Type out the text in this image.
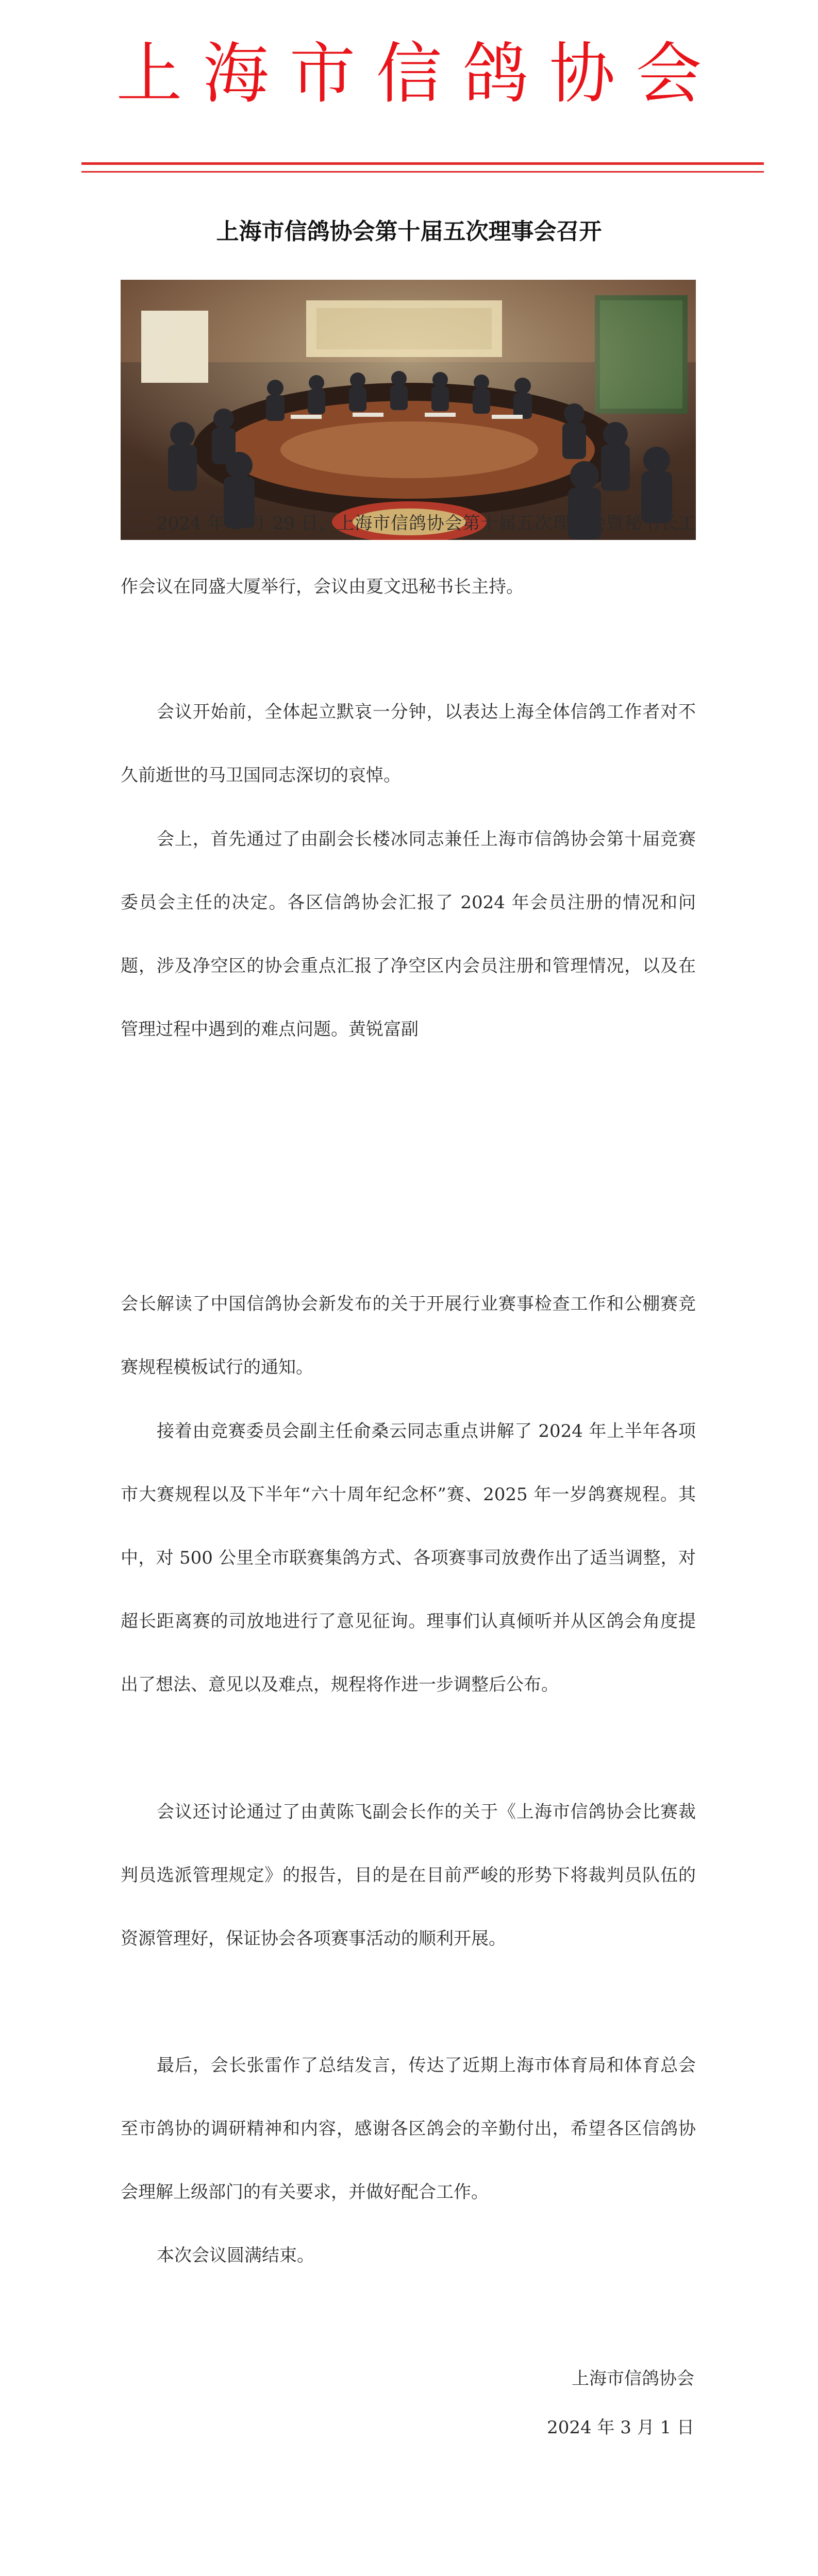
上海市信鸽协会
上海市信鸽协会第十届五次理事会召开

2024 年 2 月 29 日，上海市信鸽协会第十届五次理事会暨秘书长工作会议在同盛大厦举行，会议由夏文迅秘书长主持。

会议开始前，全体起立默哀一分钟，以表达上海全体信鸽工作者对不久前逝世的马卫国同志深切的哀悼。

会上，首先通过了由副会长楼冰同志兼任上海市信鸽协会第十届竞赛委员会主任的决定。各区信鸽协会汇报了 2024 年会员注册的情况和问题，涉及净空区的协会重点汇报了净空区内会员注册和管理情况，以及在管理过程中遇到的难点问题。黄锐富副

会长解读了中国信鸽协会新发布的关于开展行业赛事检查工作和公棚赛竞赛规程模板试行的通知。

接着由竞赛委员会副主任俞桑云同志重点讲解了 2024 年上半年各项市大赛规程以及下半年“六十周年纪念杯”赛、2025 年一岁鸽赛规程。其中，对 500 公里全市联赛集鸽方式、各项赛事司放费作出了适当调整，对超长距离赛的司放地进行了意见征询。理事们认真倾听并从区鸽会角度提出了想法、意见以及难点，规程将作进一步调整后公布。

会议还讨论通过了由黄陈飞副会长作的关于《上海市信鸽协会比赛裁判员选派管理规定》的报告，目的是在目前严峻的形势下将裁判员队伍的资源管理好，保证协会各项赛事活动的顺利开展。

最后，会长张雷作了总结发言，传达了近期上海市体育局和体育总会至市鸽协的调研精神和内容，感谢各区鸽会的辛勤付出，希望各区信鸽协会理解上级部门的有关要求，并做好配合工作。

本次会议圆满结束。

上海市信鸽协会
2024 年 3 月 1 日
